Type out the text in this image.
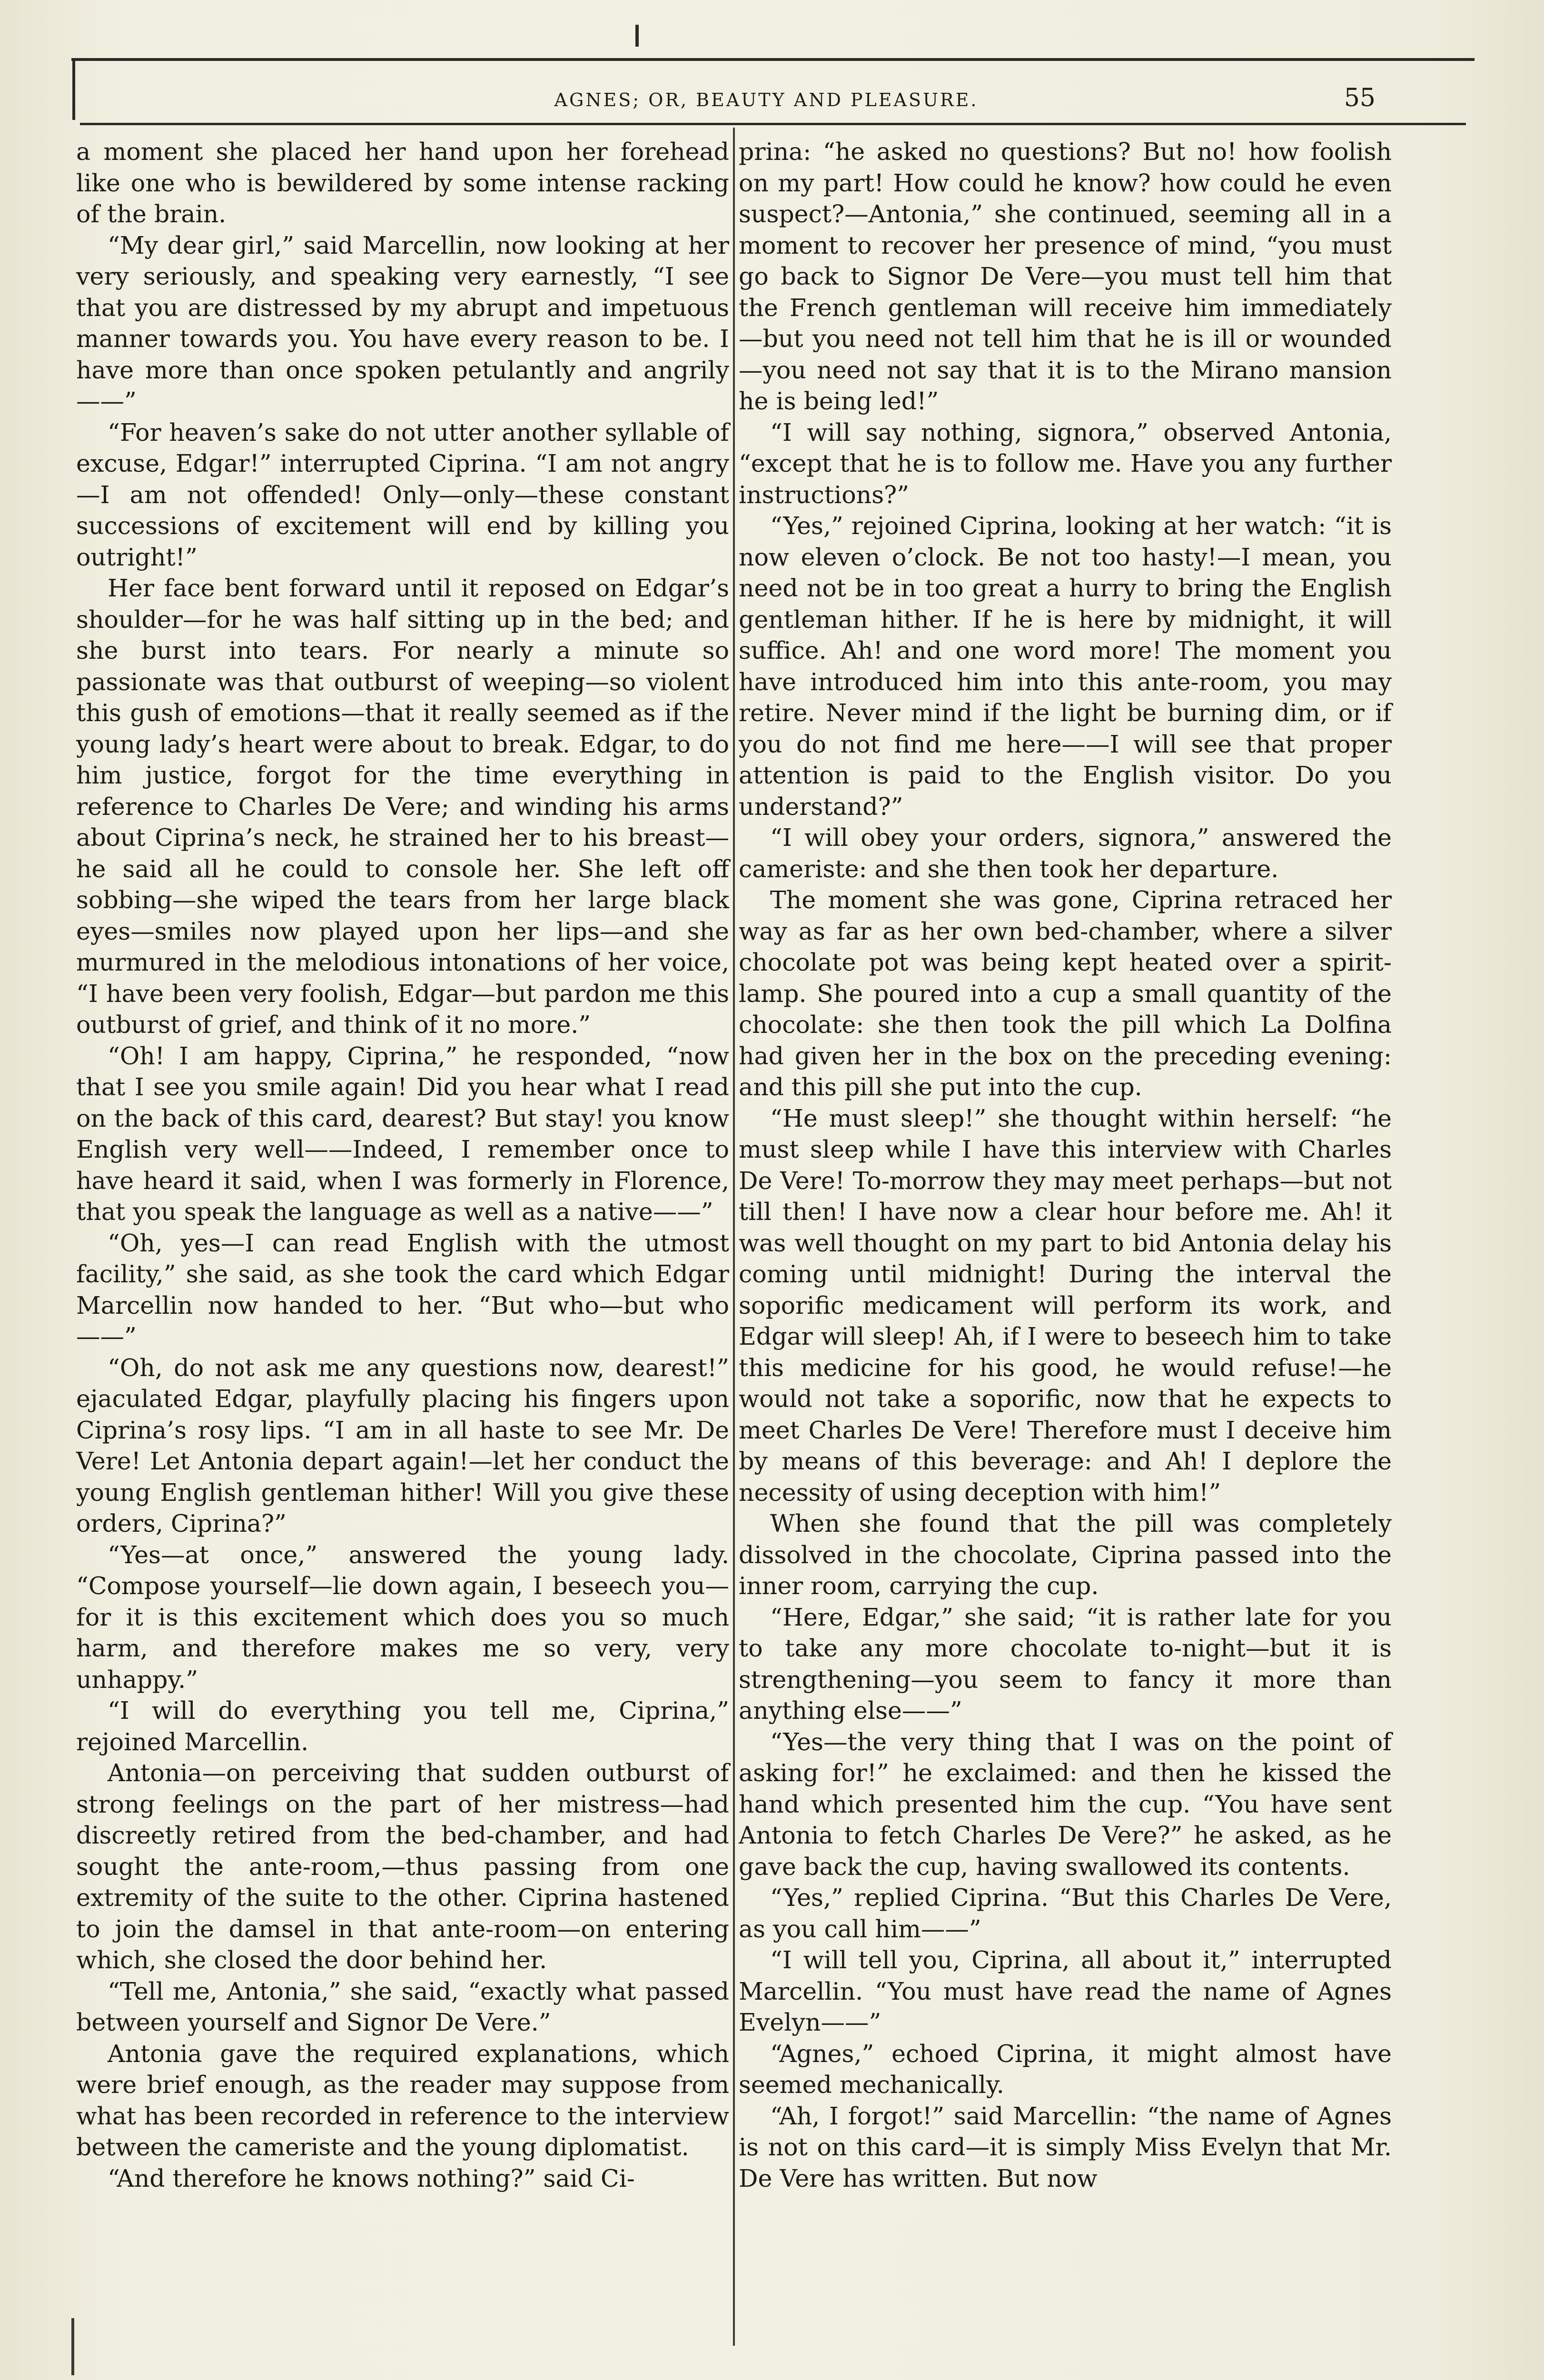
AGNES; OR, BEAUTY AND PLEASURE.	55

a moment she placed her hand upon her forehead like one who is bewildered by some intense racking of the brain.

“My dear girl,” said Marcellin, now looking at her very seriously, and speaking very earnestly, “I see that you are distressed by my abrupt and impetuous manner towards you. You have every reason to be. I have more than once spoken petulantly and angrily——”

“For heaven’s sake do not utter another syllable of excuse, Edgar!” interrupted Ciprina. “I am not angry—I am not offended! Only—only—these constant successions of excitement will end by killing you outright!”

Her face bent forward until it reposed on Edgar’s shoulder—for he was half sitting up in the bed; and she burst into tears. For nearly a minute so passionate was that outburst of weeping—so violent this gush of emotions—that it really seemed as if the young lady’s heart were about to break. Edgar, to do him justice, forgot for the time everything in reference to Charles De Vere; and winding his arms about Ciprina’s neck, he strained her to his breast—he said all he could to console her. She left off sobbing—she wiped the tears from her large black eyes—smiles now played upon her lips—and she murmured in the melodious intonations of her voice, “I have been very foolish, Edgar—but pardon me this outburst of grief, and think of it no more.”

“Oh! I am happy, Ciprina,” he responded, “now that I see you smile again! Did you hear what I read on the back of this card, dearest? But stay! you know English very well——Indeed, I remember once to have heard it said, when I was formerly in Florence, that you speak the language as well as a native——”

“Oh, yes—I can read English with the utmost facility,” she said, as she took the card which Edgar Marcellin now handed to her. “But who—but who——”

“Oh, do not ask me any questions now, dearest!” ejaculated Edgar, playfully placing his fingers upon Ciprina’s rosy lips. “I am in all haste to see Mr. De Vere! Let Antonia depart again!—let her conduct the young English gentleman hither! Will you give these orders, Ciprina?”

“Yes—at once,” answered the young lady. “Compose yourself—lie down again, I beseech you—for it is this excitement which does you so much harm, and therefore makes me so very, very unhappy.”

“I will do everything you tell me, Ciprina,” rejoined Marcellin.

Antonia—on perceiving that sudden outburst of strong feelings on the part of her mistress—had discreetly retired from the bed-chamber, and had sought the ante-room,—thus passing from one extremity of the suite to the other. Ciprina hastened to join the damsel in that ante-room—on entering which, she closed the door behind her.

“Tell me, Antonia,” she said, “exactly what passed between yourself and Signor De Vere.”

Antonia gave the required explanations, which were brief enough, as the reader may suppose from what has been recorded in reference to the interview between the cameriste and the young diplomatist.

“And therefore he knows nothing?” said Ci-

prina: “he asked no questions? But no! how foolish on my part! How could he know? how could he even suspect?—Antonia,” she continued, seeming all in a moment to recover her presence of mind, “you must go back to Signor De Vere—you must tell him that the French gentleman will receive him immediately—but you need not tell him that he is ill or wounded—you need not say that it is to the Mirano mansion he is being led!”

“I will say nothing, signora,” observed Antonia, “except that he is to follow me. Have you any further instructions?”

“Yes,” rejoined Ciprina, looking at her watch: “it is now eleven o’clock. Be not too hasty!—I mean, you need not be in too great a hurry to bring the English gentleman hither. If he is here by midnight, it will suffice. Ah! and one word more! The moment you have introduced him into this ante-room, you may retire. Never mind if the light be burning dim, or if you do not find me here——I will see that proper attention is paid to the English visitor. Do you understand?”

“I will obey your orders, signora,” answered the cameriste: and she then took her departure.

The moment she was gone, Ciprina retraced her way as far as her own bed-chamber, where a silver chocolate pot was being kept heated over a spirit-lamp. She poured into a cup a small quantity of the chocolate: she then took the pill which La Dolfina had given her in the box on the preceding evening: and this pill she put into the cup.

“He must sleep!” she thought within herself: “he must sleep while I have this interview with Charles De Vere! To-morrow they may meet perhaps—but not till then! I have now a clear hour before me. Ah! it was well thought on my part to bid Antonia delay his coming until midnight! During the interval the soporific medicament will perform its work, and Edgar will sleep! Ah, if I were to beseech him to take this medicine for his good, he would refuse!—he would not take a soporific, now that he expects to meet Charles De Vere! Therefore must I deceive him by means of this beverage: and Ah! I deplore the necessity of using deception with him!”

When she found that the pill was completely dissolved in the chocolate, Ciprina passed into the inner room, carrying the cup.

“Here, Edgar,” she said; “it is rather late for you to take any more chocolate to-night—but it is strengthening—you seem to fancy it more than anything else——”

“Yes—the very thing that I was on the point of asking for!” he exclaimed: and then he kissed the hand which presented him the cup. “You have sent Antonia to fetch Charles De Vere?” he asked, as he gave back the cup, having swallowed its contents.

“Yes,” replied Ciprina. “But this Charles De Vere, as you call him——”

“I will tell you, Ciprina, all about it,” interrupted Marcellin. “You must have read the name of Agnes Evelyn——”

“Agnes,” echoed Ciprina, it might almost have seemed mechanically.

“Ah, I forgot!” said Marcellin: “the name of Agnes is not on this card—it is simply Miss Evelyn that Mr. De Vere has written. But now
